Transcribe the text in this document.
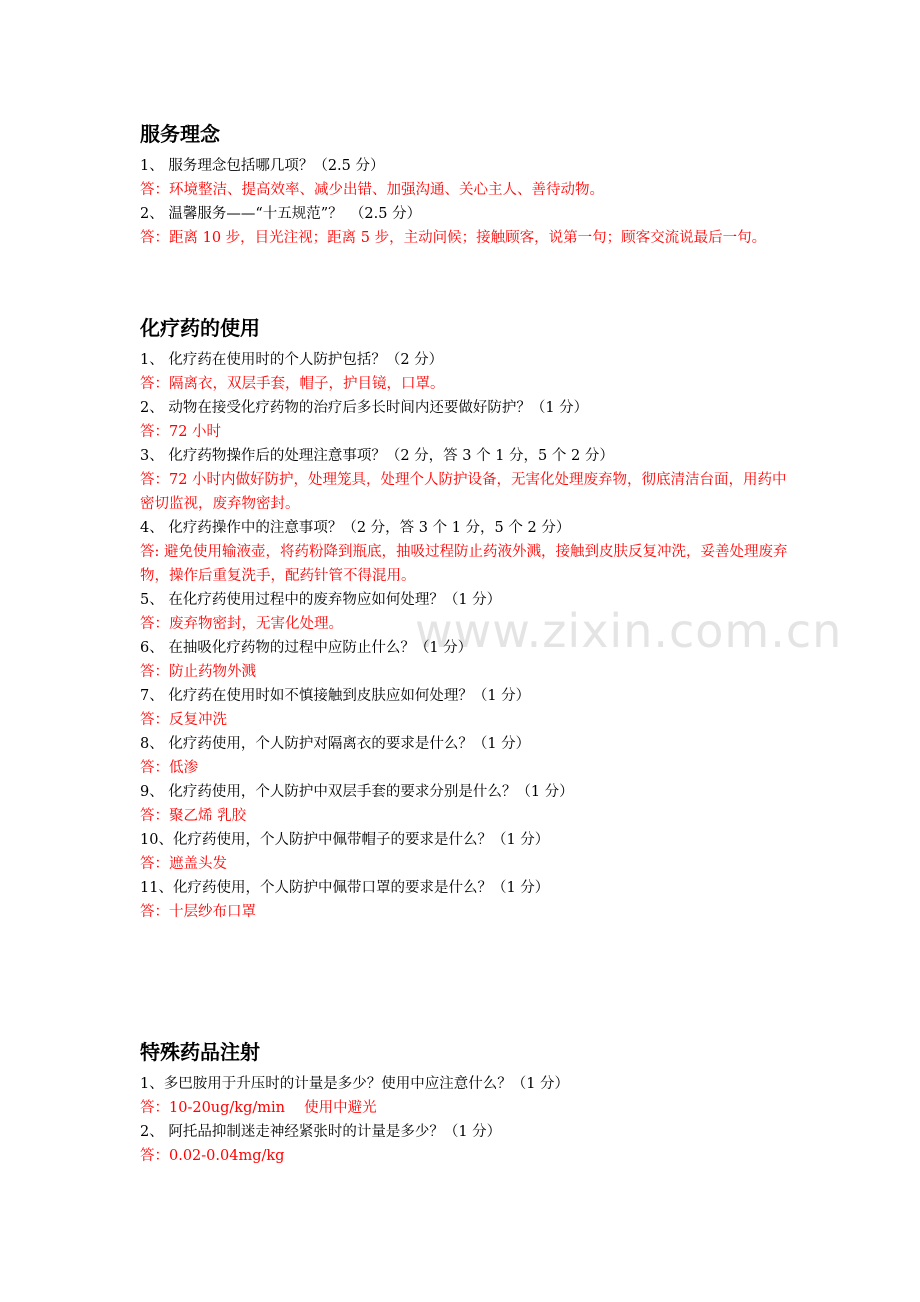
www.zixin.com.cn
服务理念

1、 服务理念包括哪几项？（2.5 分）

答：环境整洁、提高效率、减少出错、加强沟通、关心主人、善待动物。

2、 温馨服务——“十五规范”？　（2.5 分）

答：距离 10 步，目光注视；距离 5 步，主动问候；接触顾客，说第一句；顾客交流说最后一句。

化疗药的使用

1、 化疗药在使用时的个人防护包括？（2 分）

答：隔离衣，双层手套，帽子，护目镜，口罩。

2、 动物在接受化疗药物的治疗后多长时间内还要做好防护？（1 分）

答：72 小时

3、 化疗药物操作后的处理注意事项？（2 分，答 3 个 1 分，5 个 2 分）

答：72 小时内做好防护，处理笼具，处理个人防护设备，无害化处理废弃物，彻底清洁台面，用药中密切监视，废弃物密封。

4、 化疗药操作中的注意事项？（2 分，答 3 个 1 分，5 个 2 分）

答: 避免使用输液壶，将药粉降到瓶底，抽吸过程防止药液外溅，接触到皮肤反复冲洗，妥善处理废弃物，操作后重复洗手，配药针管不得混用。

5、 在化疗药使用过程中的废弃物应如何处理？（1 分）

答：废弃物密封，无害化处理。

6、 在抽吸化疗药物的过程中应防止什么？（1 分）

答：防止药物外溅

7、 化疗药在使用时如不慎接触到皮肤应如何处理？（1 分）

答：反复冲洗

8、 化疗药使用，个人防护对隔离衣的要求是什么？（1 分）

答：低渗

9、 化疗药使用，个人防护中双层手套的要求分别是什么？（1 分）

答：聚乙烯 乳胶

10、化疗药使用，个人防护中佩带帽子的要求是什么？（1 分）

答：遮盖头发

11、化疗药使用，个人防护中佩带口罩的要求是什么？（1 分）

答：十层纱布口罩

特殊药品注射

1、多巴胺用于升压时的计量是多少？使用中应注意什么？（1 分）

答：10-20ug/kg/min　 使用中避光

2、 阿托品抑制迷走神经紧张时的计量是多少？（1 分）

答：0.02-0.04mg/kg
